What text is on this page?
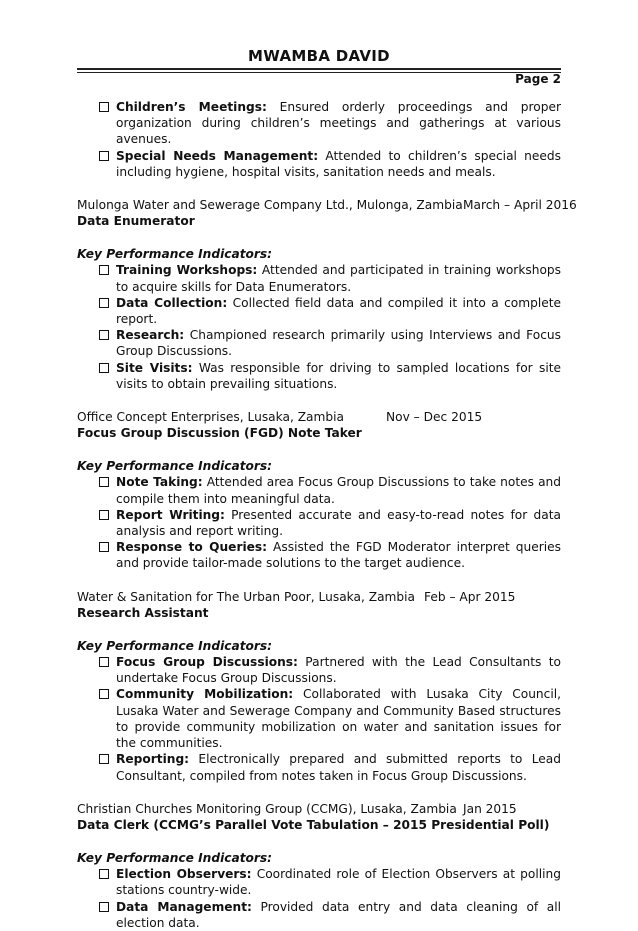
MWAMBA DAVID
Page 2
Children’s Meetings: Ensured orderly proceedings and proper organization during children’s meetings and gatherings at various avenues.
Special Needs Management: Attended to children’s special needs including hygiene, hospital visits, sanitation needs and meals.
Mulonga Water and Sewerage Company Ltd., Mulonga, Zambia March – April 2016
Data Enumerator
Key Performance Indicators:
Training Workshops: Attended and participated in training workshops to acquire skills for Data Enumerators.
Data Collection: Collected field data and compiled it into a complete report.
Research: Championed research primarily using Interviews and Focus Group Discussions.
Site Visits: Was responsible for driving to sampled locations for site visits to obtain prevailing situations.
Office Concept Enterprises, Lusaka, Zambia	Nov – Dec 2015
Focus Group Discussion (FGD) Note Taker
Key Performance Indicators:
Note Taking: Attended area Focus Group Discussions to take notes and compile them into meaningful data.
Report Writing: Presented accurate and easy-to-read notes for data analysis and report writing.
Response to Queries: Assisted the FGD Moderator interpret queries and provide tailor-made solutions to the target audience.
Water & Sanitation for The Urban Poor, Lusaka, Zambia Feb – Apr 2015
Research Assistant
Key Performance Indicators:
Focus Group Discussions: Partnered with the Lead Consultants to undertake Focus Group Discussions.
Community Mobilization: Collaborated with Lusaka City Council, Lusaka Water and Sewerage Company and Community Based structures to provide community mobilization on water and sanitation issues for the communities.
Reporting: Electronically prepared and submitted reports to Lead Consultant, compiled from notes taken in Focus Group Discussions.
Christian Churches Monitoring Group (CCMG), Lusaka, Zambia Jan 2015
Data Clerk (CCMG’s Parallel Vote Tabulation – 2015 Presidential Poll)
Key Performance Indicators:
Election Observers: Coordinated role of Election Observers at polling stations country-wide.
Data Management: Provided data entry and data cleaning of all election data.
